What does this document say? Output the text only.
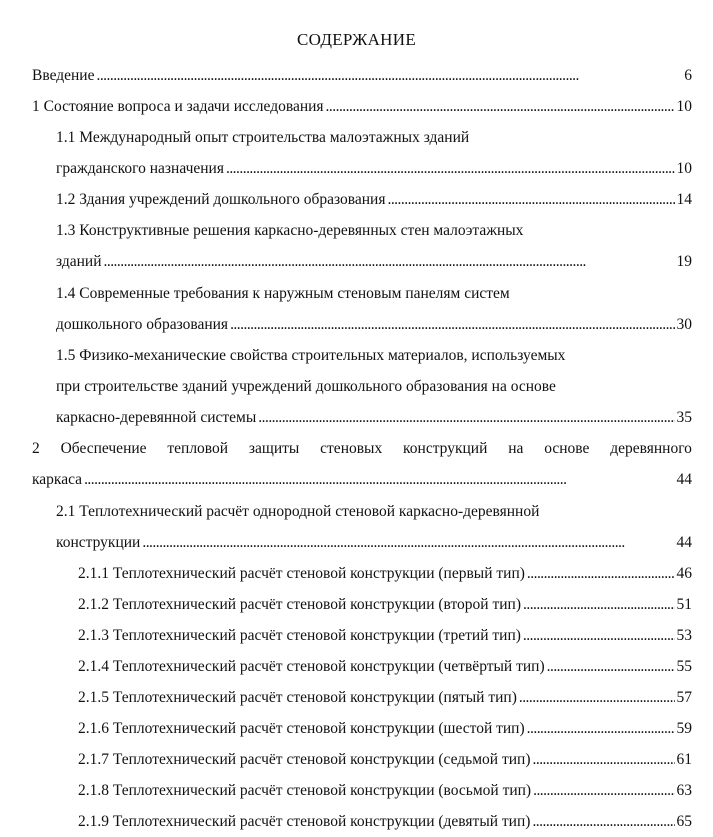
СОДЕРЖАНИЕ
Введение . . .	6
1 Состояние вопроса и задачи исследования . . .	10
1.1 Международный опыт строительства малоэтажных зданий
гражданского назначения . . .	10
1.2 Здания учреждений дошкольного образования . . .	14
1.3 Конструктивные решения каркасно-деревянных стен малоэтажных
зданий . . .	19
1.4 Современные требования к наружным стеновым панелям систем
дошкольного образования . . .	30
1.5 Физико-механические свойства строительных материалов, используемых
при строительстве зданий учреждений дошкольного образования на основе
каркасно-деревянной системы . . .	35
2 Обеспечение тепловой защиты стеновых конструкций на основе деревянного
каркаса . . .	44
2.1 Теплотехнический расчёт однородной стеновой каркасно-деревянной
конструкции . . .	44
2.1.1 Теплотехнический расчёт стеновой конструкции (первый тип) . . .	46
2.1.2 Теплотехнический расчёт стеновой конструкции (второй тип) . . .	51
2.1.3 Теплотехнический расчёт стеновой конструкции (третий тип) . . .	53
2.1.4 Теплотехнический расчёт стеновой конструкции (четвёртый тип) . . .	55
2.1.5 Теплотехнический расчёт стеновой конструкции (пятый тип) . . .	57
2.1.6 Теплотехнический расчёт стеновой конструкции (шестой тип) . . .	59
2.1.7 Теплотехнический расчёт стеновой конструкции (седьмой тип) . . .	61
2.1.8 Теплотехнический расчёт стеновой конструкции (восьмой тип) . . .	63
2.1.9 Теплотехнический расчёт стеновой конструкции (девятый тип) . . .	65
